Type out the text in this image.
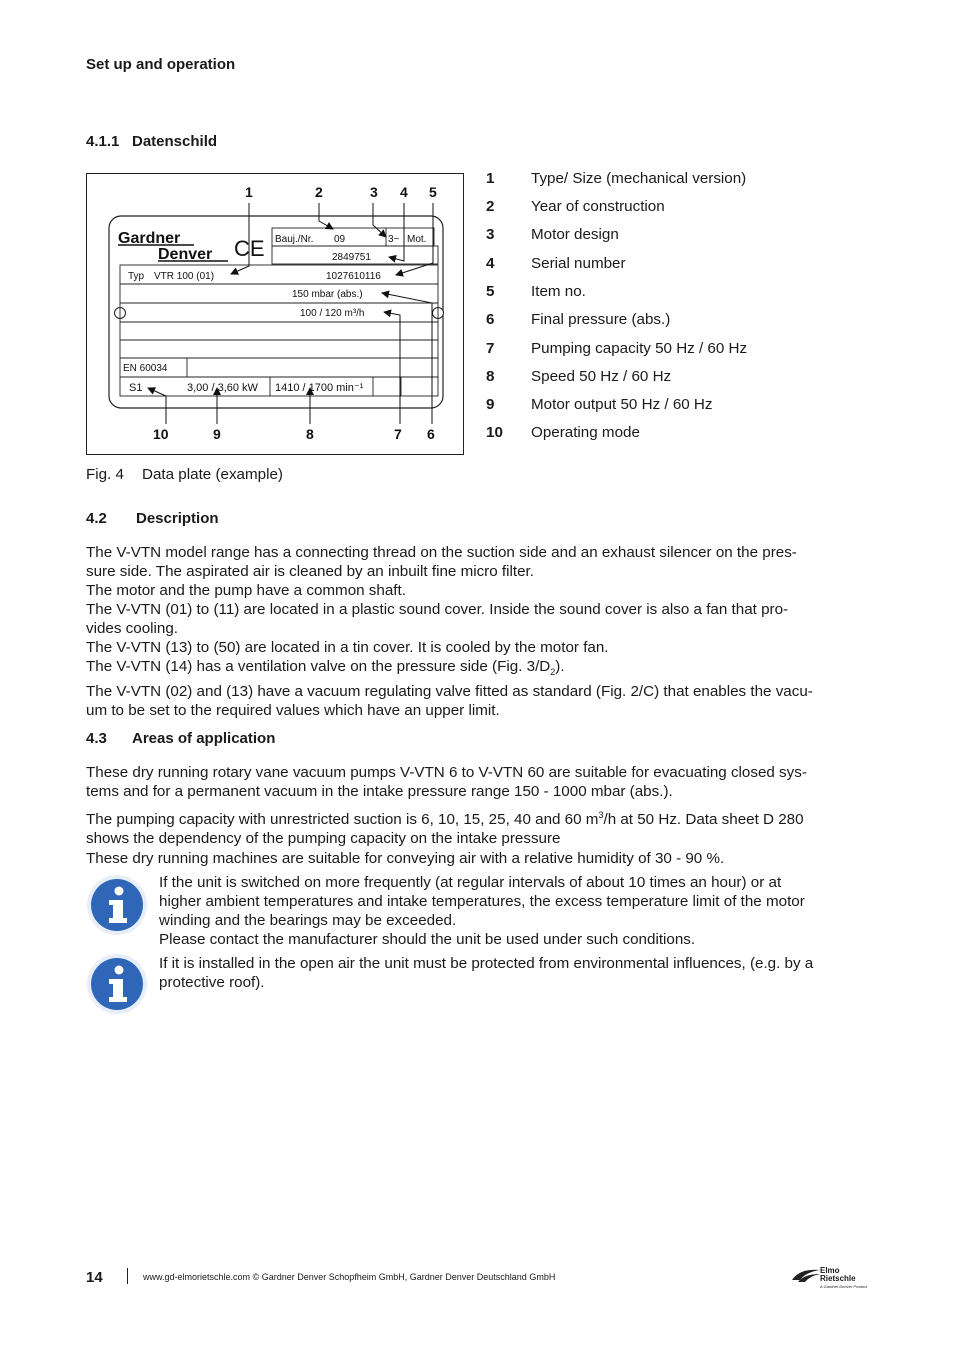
Set up and operation
4.1.1 Datenschild
Gardner
Denver CE Bauj./Nr. 09	3~ Mot.
2849751
Typ VTR 100 (01)	1027610116
150 mbar (abs.)
100 / 120 m³/h
EN 60034
S1	3,00 / 3,60 kW 1410 / 1700 min⁻¹
1	2	3 4 5
10	9	8	7 6
1 Type/ Size (mechanical version)
2 Year of construction
3 Motor design
4 Serial number
5 Item no.
6 Final pressure (abs.)
7 Pumping capacity 50 Hz / 60 Hz
8 Speed 50 Hz / 60 Hz
9 Motor output 50 Hz / 60 Hz
10 Operating mode
Fig. 4 Data plate (example)
4.2 Description
The V-VTN model range has a connecting thread on the suction side and an exhaust silencer on the pres-
sure side. The aspirated air is cleaned by an inbuilt fine micro filter.
The motor and the pump have a common shaft.
The V-VTN (01) to (11) are located in a plastic sound cover. Inside the sound cover is also a fan that pro-
vides cooling.
The V-VTN (13) to (50) are located in a tin cover. It is cooled by the motor fan.
The V-VTN (14) has a ventilation valve on the pressure side (Fig. $3/D_2$).
The V-VTN (02) and (13) have a vacuum regulating valve fitted as standard (Fig. 2/C) that enables the vacu-
um to be set to the required values which have an upper limit.
4.3 Areas of application
These dry running rotary vane vacuum pumps V-VTN 6 to V-VTN 60 are suitable for evacuating closed sys-
tems and for a permanent vacuum in the intake pressure range 150 - 1000 mbar (abs.).
The pumping capacity with unrestricted suction is 6, 10, 15, 25, 40 and 60 $m^3/h$ at 50 Hz. Data sheet D 280
shows the dependency of the pumping capacity on the intake pressure
These dry running machines are suitable for conveying air with a relative humidity of 30 - 90 %.
If the unit is switched on more frequently (at regular intervals of about 10 times an hour) or at
higher ambient temperatures and intake temperatures, the excess temperature limit of the motor
winding and the bearings may be exceeded.
Please contact the manufacturer should the unit be used under such conditions.
If it is installed in the open air the unit must be protected from environmental influences, (e.g. by a
protective roof).
14	www.gd-elmorietschle.com © Gardner Denver Schopfheim GmbH, Gardner Denver Deutschland GmbH
Elmo
Rietschle
A Gardner Denver Product
